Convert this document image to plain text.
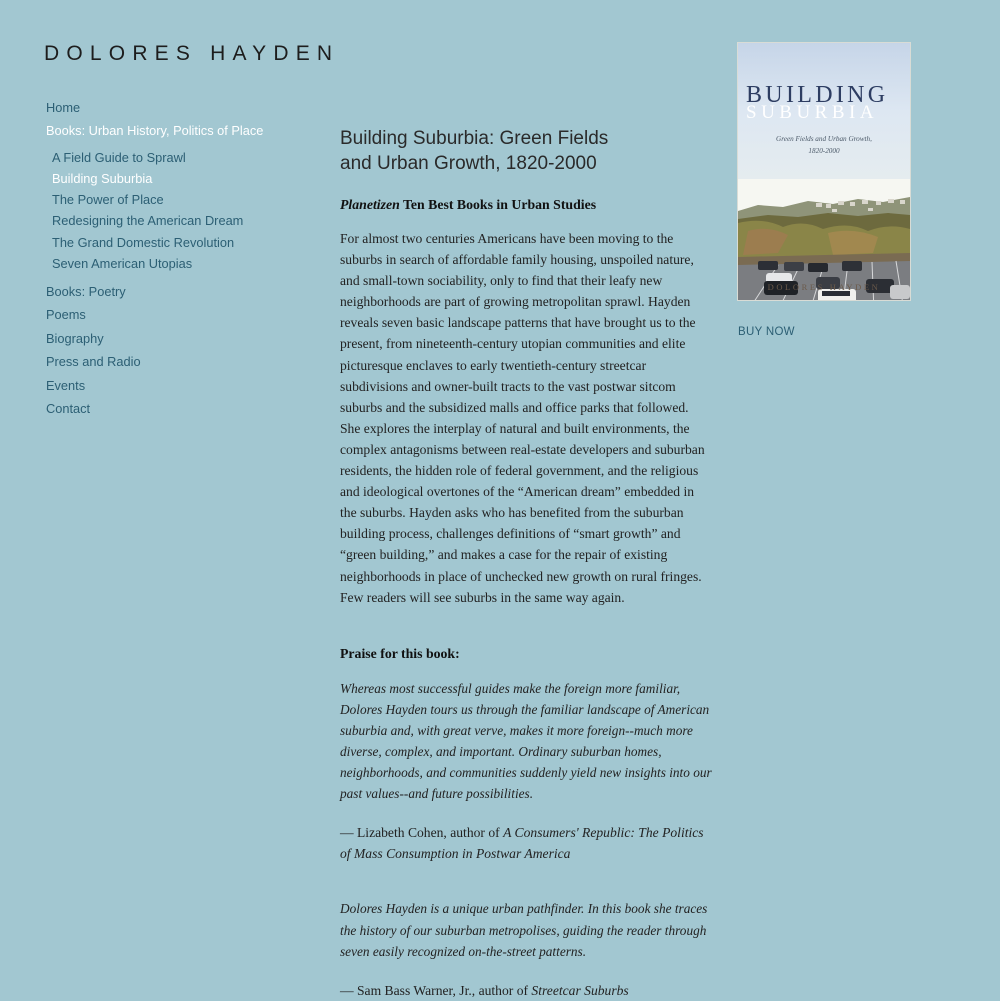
DOLORES HAYDEN
Home
Books: Urban History, Politics of Place
A Field Guide to Sprawl
Building Suburbia
The Power of Place
Redesigning the American Dream
The Grand Domestic Revolution
Seven American Utopias
Books: Poetry
Poems
Biography
Press and Radio
Events
Contact
Building Suburbia: Green Fields
and Urban Growth, 1820-2000

Planetizen Ten Best Books in Urban Studies

For almost two centuries Americans have been moving to the suburbs in search of affordable family housing, unspoiled nature, and small-town sociability, only to find that their leafy new neighborhoods are part of growing metropolitan sprawl. Hayden reveals seven basic landscape patterns that have brought us to the present, from nineteenth-century utopian communities and elite picturesque enclaves to early twentieth-century streetcar subdivisions and owner-built tracts to the vast postwar sitcom suburbs and the subsidized malls and office parks that followed. She explores the interplay of natural and built environments, the complex antagonisms between real-estate developers and suburban residents, the hidden role of federal government, and the religious and ideological overtones of the “American dream” embedded in the suburbs. Hayden asks who has benefited from the suburban building process, challenges definitions of “smart growth” and “green building,” and makes a case for the repair of existing neighborhoods in place of unchecked new growth on rural fringes. Few readers will see suburbs in the same way again.

Praise for this book:

Whereas most successful guides make the foreign more familiar, Dolores Hayden tours us through the familiar landscape of American suburbia and, with great verve, makes it more foreign--much more diverse, complex, and important. Ordinary suburban homes, neighborhoods, and communities suddenly yield new insights into our past values--and future possibilities.

— Lizabeth Cohen, author of A Consumers' Republic: The Politics of Mass Consumption in Postwar America

Dolores Hayden is a unique urban pathfinder. In this book she traces the history of our suburban metropolises, guiding the reader through seven easily recognized on-the-street patterns.

— Sam Bass Warner, Jr., author of Streetcar Suburbs

BUILDING
SUBURBIA
Green Fields and Urban Growth,
1820-2000
DOLORES HAYDEN
BUY NOW
